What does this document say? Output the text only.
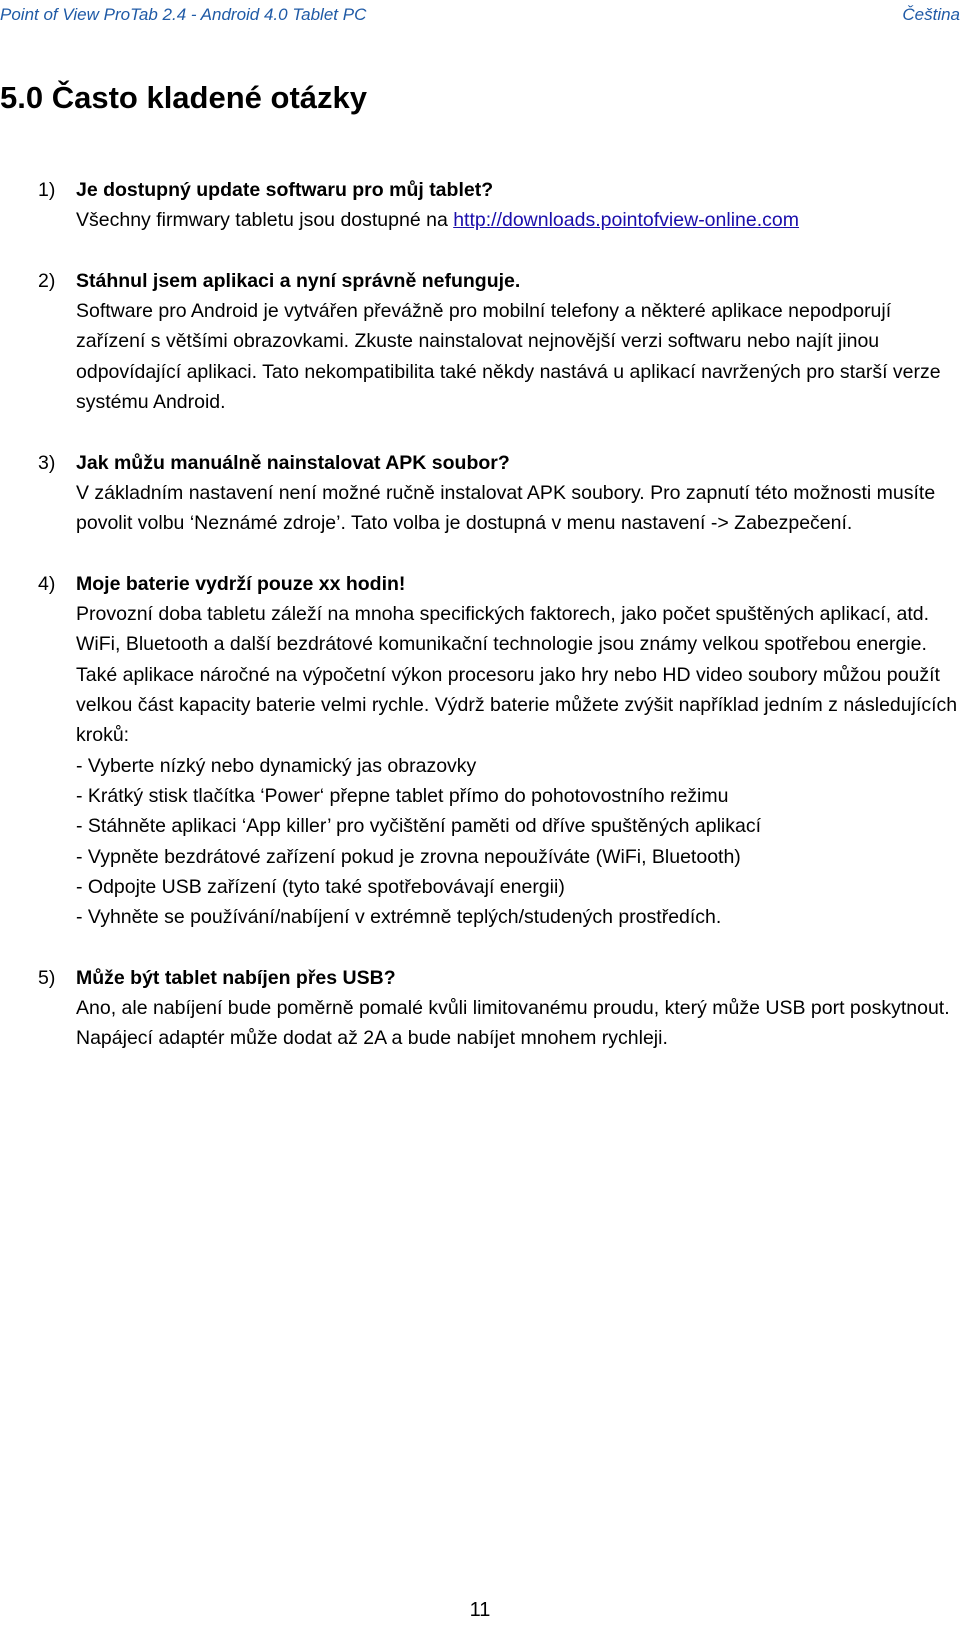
Point of View ProTab 2.4 - Android 4.0 Tablet PC	Čeština
5.0 Často kladené otázky
1) Je dostupný update softwaru pro můj tablet?
Všechny firmwary tabletu jsou dostupné na http://downloads.pointofview-online.com
2) Stáhnul jsem aplikaci a nyní správně nefunguje.
Software pro Android je vytvářen převážně pro mobilní telefony a některé aplikace nepodporují zařízení s většími obrazovkami. Zkuste nainstalovat nejnovější verzi softwaru nebo najít jinou odpovídající aplikaci. Tato nekompatibilita také někdy nastává u aplikací navržených pro starší verze systému Android.
3) Jak můžu manuálně nainstalovat APK soubor?
V základním nastavení není možné ručně instalovat APK soubory. Pro zapnutí této možnosti musíte povolit volbu ‘Neznámé zdroje’. Tato volba je dostupná v menu nastavení -> Zabezpečení.
4) Moje baterie vydrží pouze xx hodin!
Provozní doba tabletu záleží na mnoha specifických faktorech, jako počet spuštěných aplikací, atd. WiFi, Bluetooth a další bezdrátové komunikační technologie jsou známy velkou spotřebou energie. Také aplikace náročné na výpočetní výkon procesoru jako hry nebo HD video soubory můžou použít velkou část kapacity baterie velmi rychle. Výdrž baterie můžete zvýšit například jedním z následujících kroků:
- Vyberte nízký nebo dynamický jas obrazovky
- Krátký stisk tlačítka ‘Power‘ přepne tablet přímo do pohotovostního režimu
- Stáhněte aplikaci ‘App killer’ pro vyčištění paměti od dříve spuštěných aplikací
- Vypněte bezdrátové zařízení pokud je zrovna nepoužíváte (WiFi, Bluetooth)
- Odpojte USB zařízení (tyto také spotřebovávají energii)
- Vyhněte se používání/nabíjení v extrémně teplých/studených prostředích.
5) Může být tablet nabíjen přes USB?
Ano, ale nabíjení bude poměrně pomalé kvůli limitovanému proudu, který může USB port poskytnout. Napájecí adaptér může dodat až 2A a bude nabíjet mnohem rychleji.
11
